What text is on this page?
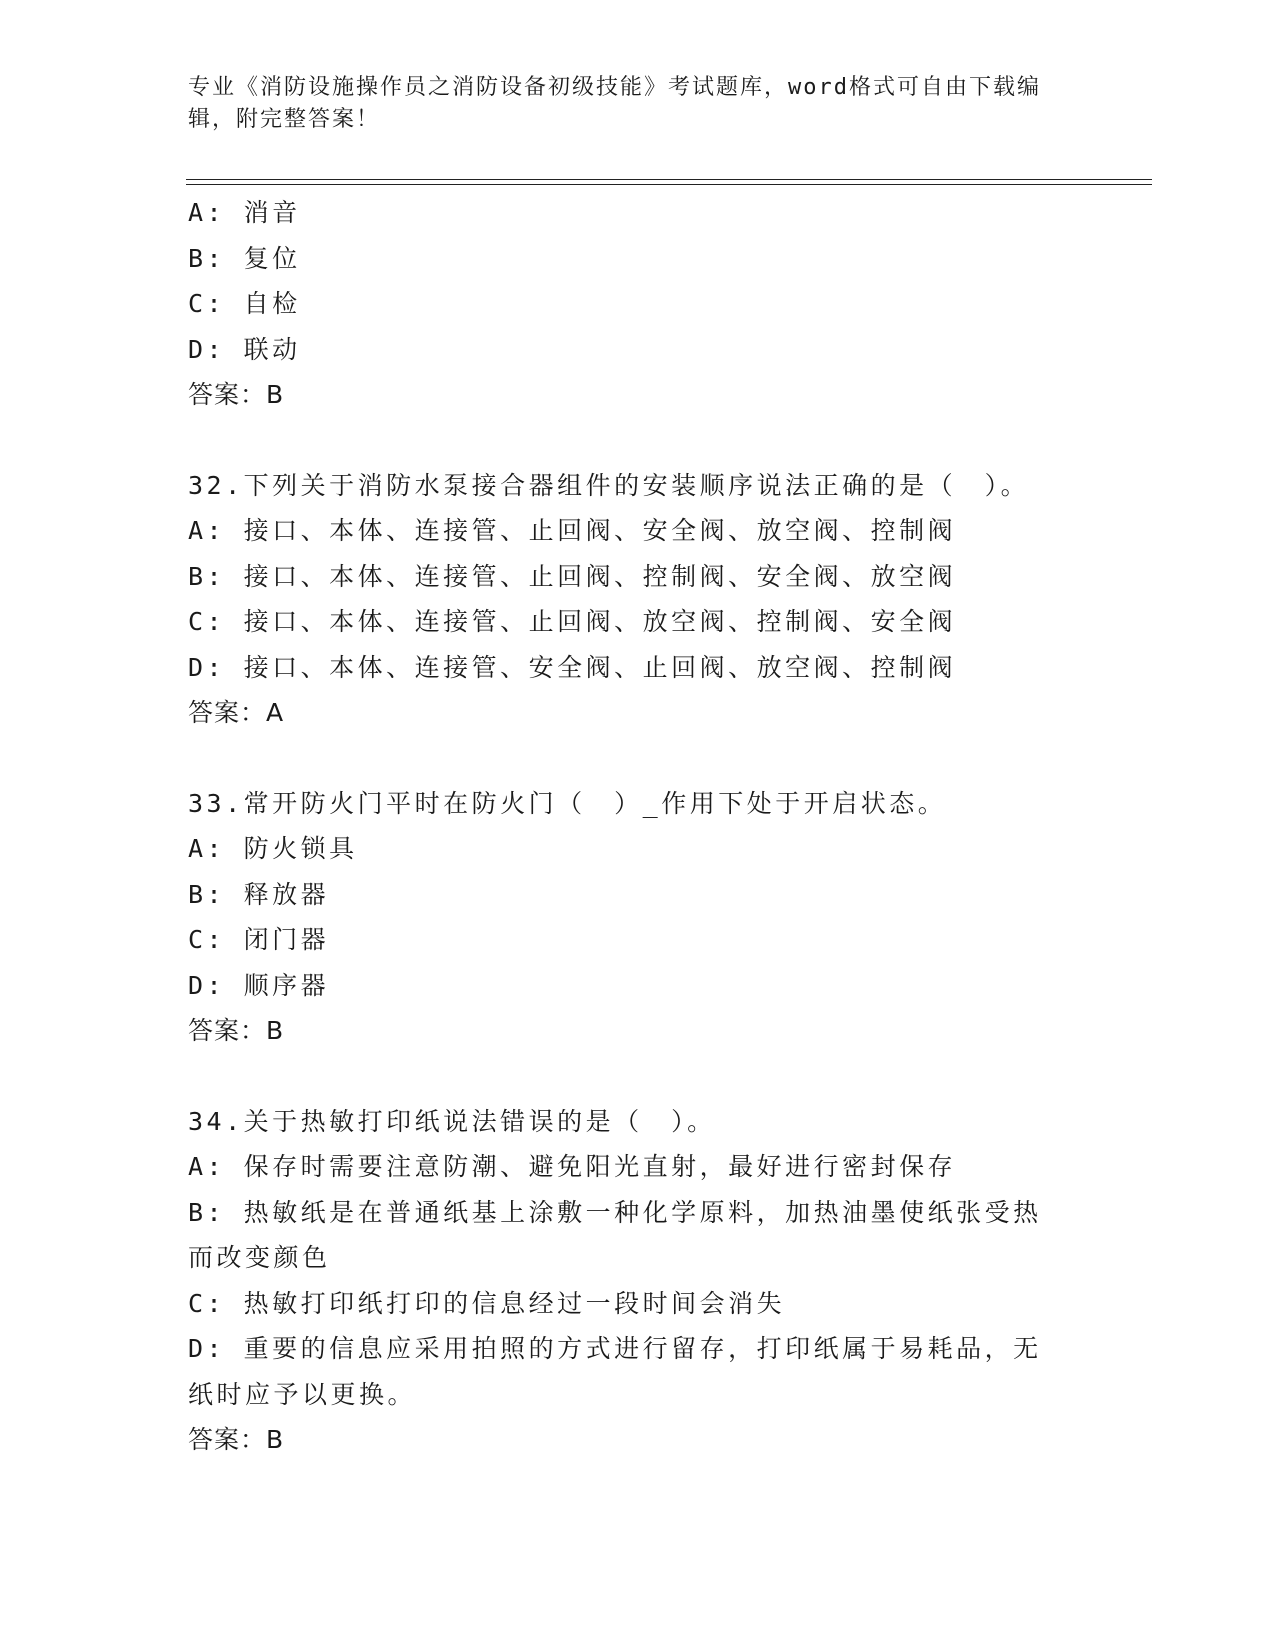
专业《消防设施操作员之消防设备初级技能》考试题库，word格式可自由下载编辑，附完整答案！
A: 消音
B: 复位
C: 自检
D: 联动
答案：B
32.下列关于消防水泵接合器组件的安装顺序说法正确的是（　）。
A: 接口、本体、连接管、止回阀、安全阀、放空阀、控制阀
B: 接口、本体、连接管、止回阀、控制阀、安全阀、放空阀
C: 接口、本体、连接管、止回阀、放空阀、控制阀、安全阀
D: 接口、本体、连接管、安全阀、止回阀、放空阀、控制阀
答案：A
33.常开防火门平时在防火门（　）_作用下处于开启状态。
A: 防火锁具
B: 释放器
C: 闭门器
D: 顺序器
答案：B
34.关于热敏打印纸说法错误的是（　）。
A: 保存时需要注意防潮、避免阳光直射，最好进行密封保存
B: 热敏纸是在普通纸基上涂敷一种化学原料，加热油墨使纸张受热而改变颜色
C: 热敏打印纸打印的信息经过一段时间会消失
D: 重要的信息应采用拍照的方式进行留存，打印纸属于易耗品，无纸时应予以更换。
答案：B
